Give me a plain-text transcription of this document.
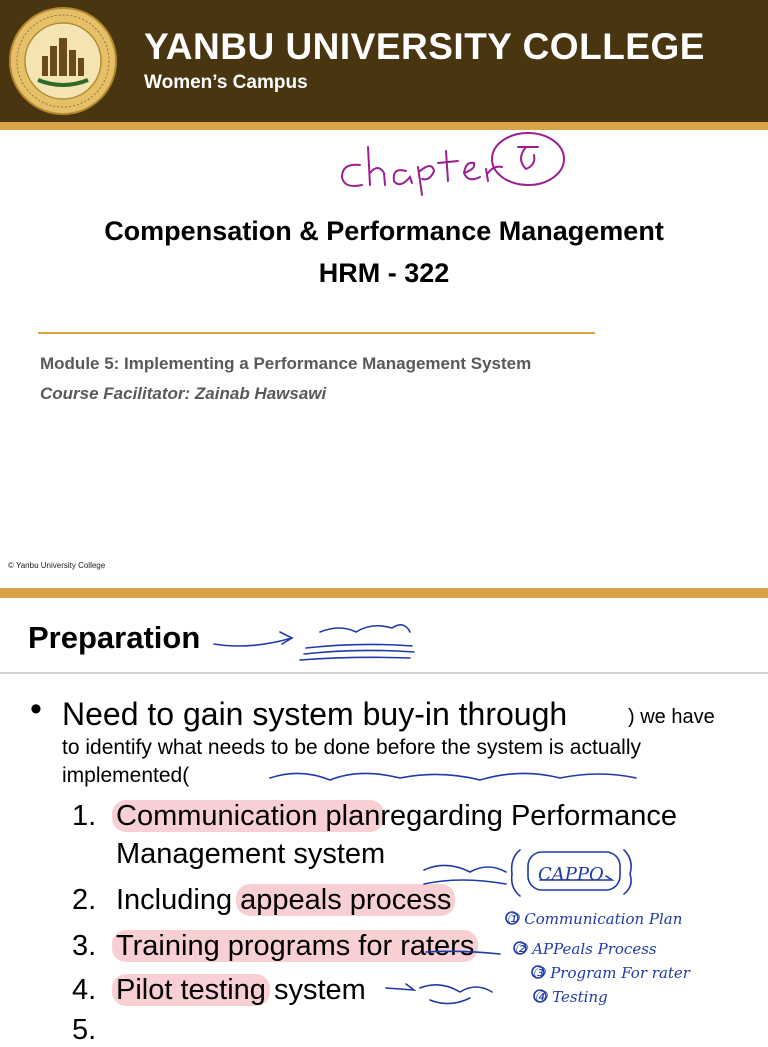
YANBU UNIVERSITY COLLEGE
Women’s Campus
Chapter 4
Compensation & Performance Management
HRM - 322
Module 5: Implementing a Performance Management System
Course Facilitator: Zainab Hawsawi
© Yanbu University College
Preparation
• Need to gain system buy-in through	) we have
to identify what needs to be done before the system is actually
implemented(
1. Communication planregarding Performance
Management system
2. Including appeals process
3. Training programs for raters
4. Pilot testing system
5.
CAPPO
① Communication Plan
② APPeals Process
③ Program For rater
④ Testing
